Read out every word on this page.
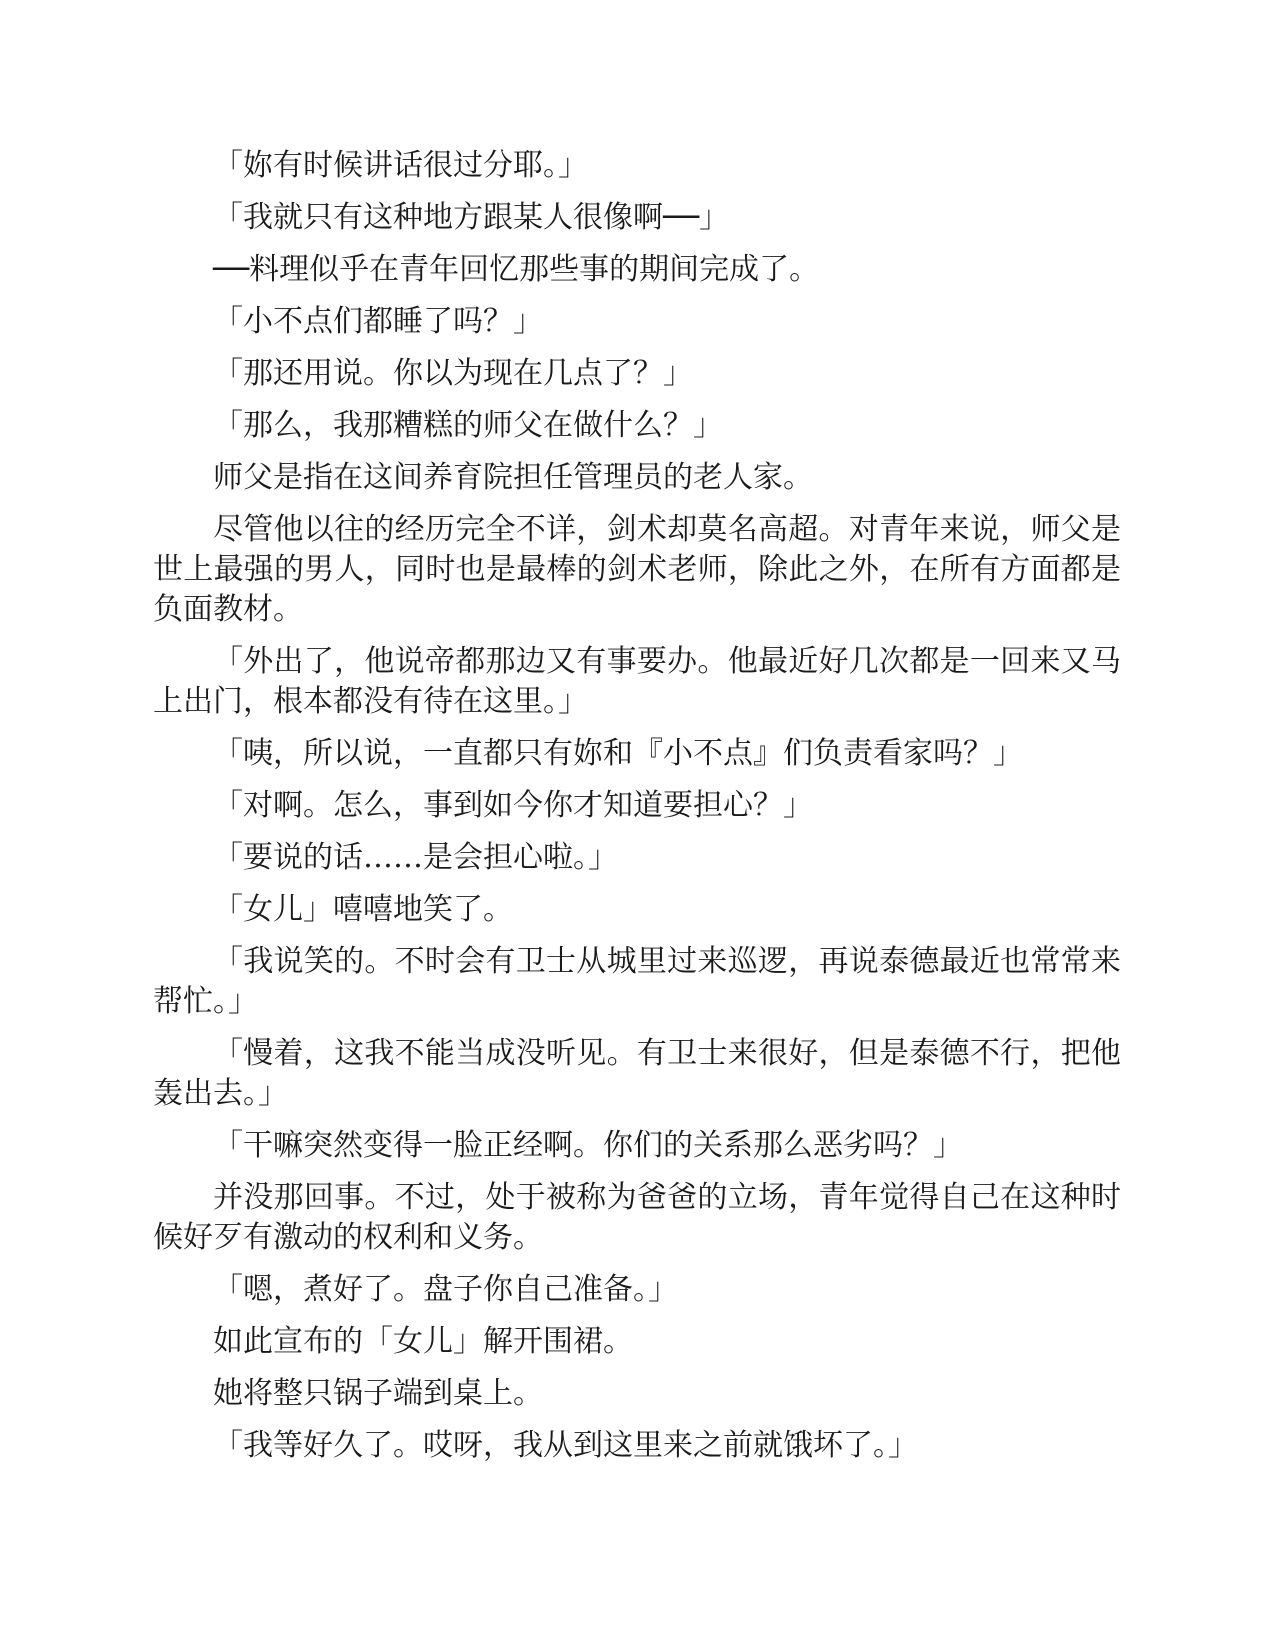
「妳有时候讲话很过分耶。」

「我就只有这种地方跟某人很像啊──」

──料理似乎在青年回忆那些事的期间完成了。

「小不点们都睡了吗？」

「那还用说。你以为现在几点了？」

「那么，我那糟糕的师父在做什么？」

师父是指在这间养育院担任管理员的老人家。

尽管他以往的经历完全不详，剑术却莫名高超。对青年来说，师父是世上最强的男人，同时也是最棒的剑术老师，除此之外，在所有方面都是负面教材。

「外出了，他说帝都那边又有事要办。他最近好几次都是一回来又马上出门，根本都没有待在这里。」

「咦，所以说，一直都只有妳和『小不点』们负责看家吗？」

「对啊。怎么，事到如今你才知道要担心？」

「要说的话……是会担心啦。」

「女儿」嘻嘻地笑了。

「我说笑的。不时会有卫士从城里过来巡逻，再说泰德最近也常常来帮忙。」

「慢着，这我不能当成没听见。有卫士来很好，但是泰德不行，把他轰出去。」

「干嘛突然变得一脸正经啊。你们的关系那么恶劣吗？」

并没那回事。不过，处于被称为爸爸的立场，青年觉得自己在这种时候好歹有激动的权利和义务。

「嗯，煮好了。盘子你自己准备。」

如此宣布的「女儿」解开围裙。

她将整只锅子端到桌上。

「我等好久了。哎呀，我从到这里来之前就饿坏了。」
